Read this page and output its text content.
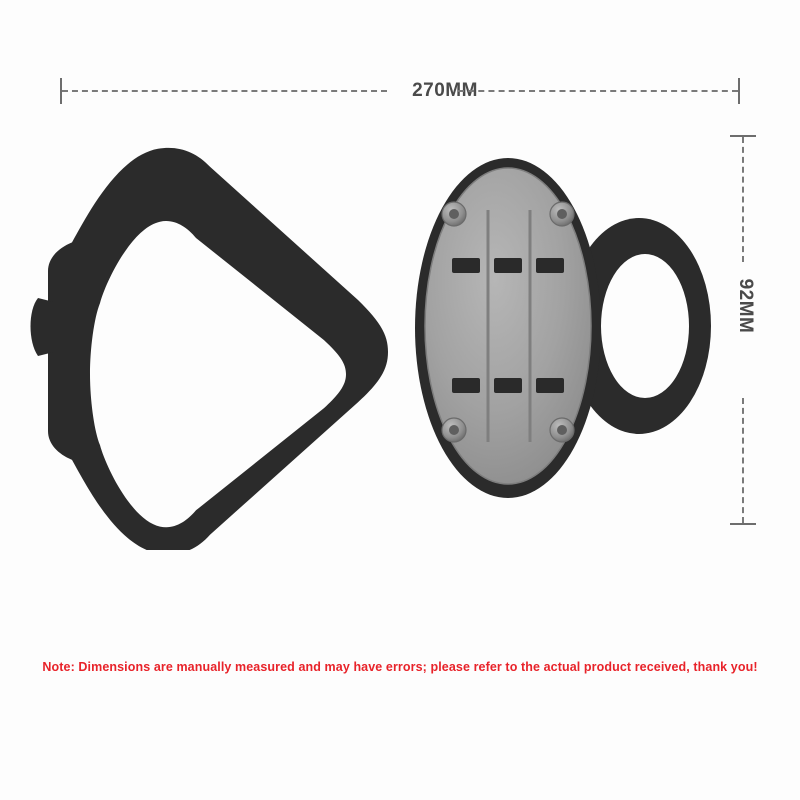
270MM
92MM
Note: Dimensions are manually measured and may have errors; please refer to the actual product received, thank you!
